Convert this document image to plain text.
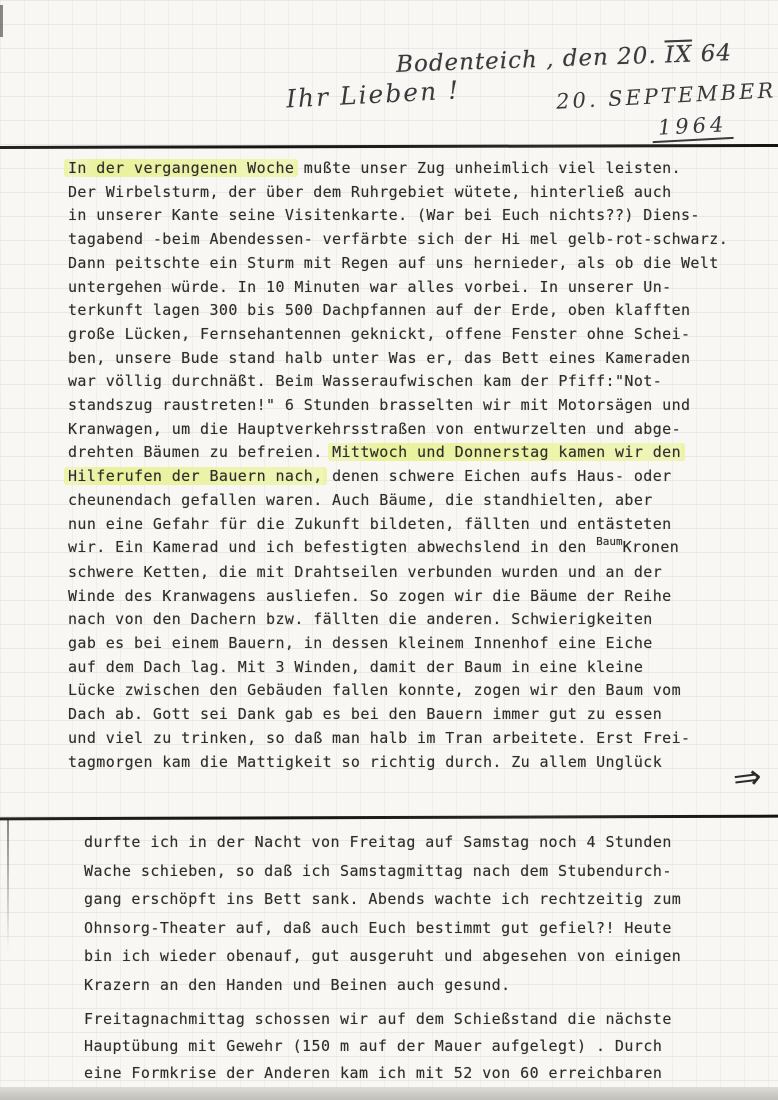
Bodenteich , den 20. $\overline{IX}$ 64
Ihr Lieben !	20. SEPTEMBER
1964
In der vergangenen Woche mußte unser Zug unheimlich viel leisten.
Der Wirbelsturm, der über dem Ruhrgebiet wütete, hinterließ auch
in unserer Kante seine Visitenkarte. (War bei Euch nichts??) Diens-
tagabend -beim Abendessen- verfärbte sich der Hi mel gelb-rot-schwarz.
Dann peitschte ein Sturm mit Regen auf uns hernieder, als ob die Welt
untergehen würde. In 10 Minuten war alles vorbei. In unserer Un-
terkunft lagen 300 bis 500 Dachpfannen auf der Erde, oben klafften
große Lücken, Fernsehantennen geknickt, offene Fenster ohne Schei-
ben, unsere Bude stand halb unter Was er, das Bett eines Kameraden
war völlig durchnäßt. Beim Wasseraufwischen kam der Pfiff:"Not-
standszug raustreten!" 6 Stunden brasselten wir mit Motorsägen und
Kranwagen, um die Hauptverkehrsstraßen von entwurzelten und abge-
drehten Bäumen zu befreien. Mittwoch und Donnerstag kamen wir den
Hilferufen der Bauern nach, denen schwere Eichen aufs Haus- oder
cheunendach gefallen waren. Auch Bäume, die standhielten, aber
nun eine Gefahr für die Zukunft bildeten, fällten und entästeten
wir. Ein Kamerad und ich befestigten abwechslend in den BaumKronen
schwere Ketten, die mit Drahtseilen verbunden wurden und an der
Winde des Kranwagens ausliefen. So zogen wir die Bäume der Reihe
nach von den Dachern bzw. fällten die anderen. Schwierigkeiten
gab es bei einem Bauern, in dessen kleinem Innenhof eine Eiche
auf dem Dach lag. Mit 3 Winden, damit der Baum in eine kleine
Lücke zwischen den Gebäuden fallen konnte, zogen wir den Baum vom
Dach ab. Gott sei Dank gab es bei den Bauern immer gut zu essen
und viel zu trinken, so daß man halb im Tran arbeitete. Erst Frei-
tagmorgen kam die Mattigkeit so richtig durch. Zu allem Unglück	⇒
durfte ich in der Nacht von Freitag auf Samstag noch 4 Stunden
Wache schieben, so daß ich Samstagmittag nach dem Stubendurch-
gang erschöpft ins Bett sank. Abends wachte ich rechtzeitig zum
Ohnsorg-Theater auf, daß auch Euch bestimmt gut gefiel?! Heute
bin ich wieder obenauf, gut ausgeruht und abgesehen von einigen
Krazern an den Handen und Beinen auch gesund.
Freitagnachmittag schossen wir auf dem Schießstand die nächste
Hauptübung mit Gewehr (150 m auf der Mauer aufgelegt) . Durch
eine Formkrise der Anderen kam ich mit 52 von 60 erreichbaren
